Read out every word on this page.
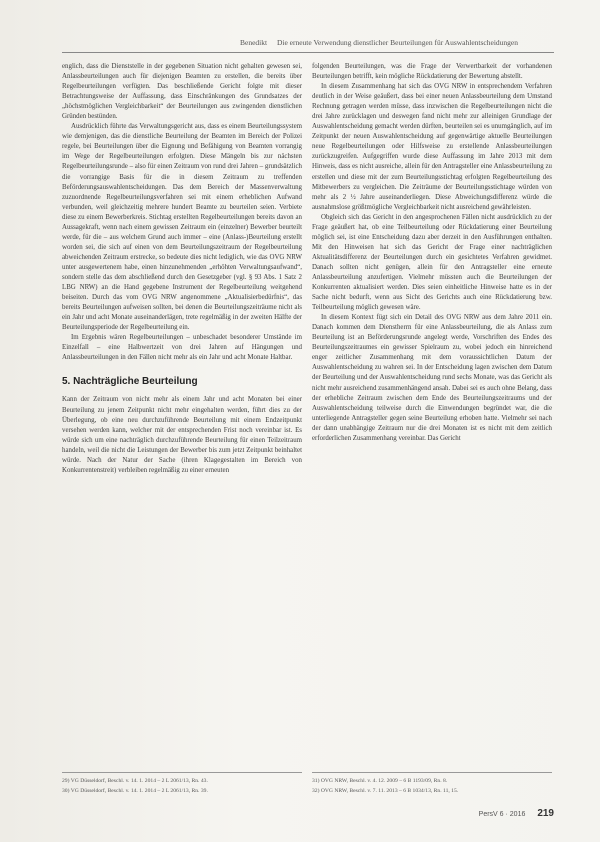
Benedikt Die erneute Verwendung dienstlicher Beurteilungen für Auswahlentscheidungen

englich, dass die Dienststelle in der gegebenen Situation nicht gehalten gewesen sei, Anlassbeurteilungen auch für diejenigen Beamten zu erstellen, die bereits über Regelbeurteilungen verfügten. Das beschließende Gericht folgte mit dieser Betrachtungsweise der Auffassung, dass Einschränkungen des Grundsatzes der „höchstmöglichen Vergleichbarkeit“ der Beurteilungen aus zwingenden dienstlichen Gründen bestünden.

Ausdrücklich führte das Verwaltungsgericht aus, dass es einem Beurteilungssystem wie demjenigen, das die dienstliche Beurteilung der Beamten im Bereich der Polizei regele, bei Beurteilungen über die Eignung und Befähigung von Beamten vorrangig im Wege der Regelbeurteilungen erfolgten. Diese Mängeln bis zur nächsten Regelbeurteilungsrunde – also für einen Zeitraum von rund drei Jahren – grundsätzlich die vorrangige Basis für die in diesem Zeitraum zu treffenden Beförderungsauswahlentscheidungen. Das dem Bereich der Massenverwaltung zuzuordnende Regelbeurteilungsverfahren sei mit einem erheblichen Aufwand verbunden, weil gleichzeitig mehrere hundert Beamte zu beurteilen seien. Verbiete diese zu einem Bewerberkreis. Stichtag erstellten Regelbeurteilungen bereits davon an Aussagekraft, wenn nach einem gewissen Zeitraum ein (einzelner) Bewerber beurteilt werde, für die – aus welchem Grund auch immer – eine (Anlass-)Beurteilung erstellt worden sei, die sich auf einen von dem Beurteilungszeitraum der Regelbeurteilung abweichenden Zeitraum erstrecke, so bedeute dies nicht lediglich, wie das OVG NRW unter ausgewertenem habe, einen hinzunehmenden „erhöhten Verwaltungsaufwand“, sondern stelle das dem abschließend durch den Gesetzgeber (vgl. § 93 Abs. 1 Satz 2 LBG NRW) an die Hand gegebene Instrument der Regelbeurteilung weitgehend beiseiten. Durch das vom OVG NRW angenommene „Aktualisierbedürfnis“, das bereits Beurteilungen aufweisen sollten, bei denen die Beurteilungszeiträume nicht als ein Jahr und acht Monate auseinanderlägen, trete regelmäßig in der zweiten Hälfte der Beurteilungsperiode der Regelbeurteilung ein.

Im Ergebnis wären Regelbeurteilungen – unbeschadet besonderer Umstände im Einzelfall – eine Halbwertzeit von drei Jahren auf Hängungen und Anlassbeurteilungen in den Fällen nicht mehr als ein Jahr und acht Monate Haltbar.

5. Nachträgliche Beurteilung

Kann der Zeitraum von nicht mehr als einem Jahr und acht Monaten bei einer Beurteilung zu jenem Zeitpunkt nicht mehr eingehalten werden, führt dies zu der Überlegung, ob eine neu durchzuführende Beurteilung mit einem Endzeitpunkt versehen werden kann, welcher mit der entsprechenden Frist noch vereinbar ist. Es würde sich um eine nachträglich durchzuführende Beurteilung für einen Teilzeitraum handeln, weil die nicht die Leistungen der Bewerber bis zum jetzt Zeitpunkt beinhaltet würde. Nach der Natur der Sache (ihren Klagegestalten im Bereich von Konkurrentenstreit) verbleiben regelmäßig zu einer erneuten

folgenden Beurteilungen, was die Frage der Verwertbarkeit der vorhandenen Beurteilungen betrifft, kein mögliche Rückdatierung der Bewertung abstellt.

In diesem Zusammenhang hat sich das OVG NRW in entsprechendem Verfahren deutlich in der Weise geäußert, dass bei einer neuen Anlassbeurteilung dem Umstand Rechnung getragen werden müsse, dass inzwischen die Regelbeurteilungen nicht die drei Jahre zurücklagen und deswegen fand nicht mehr zur alleinigen Grundlage der Auswahlentscheidung gemacht werden dürften, beurteilen sei es unumgänglich, auf im Zeitpunkt der neuen Auswahlentscheidung auf gegenwärtige aktuelle Beurteilungen neue Regelbeurteilungen oder Hilfsweise zu erstellende Anlassbeurteilungen zurückzugreifen. Aufgegriffen wurde diese Auffassung im Jahre 2013 mit dem Hinweis, dass es nicht ausreiche, allein für den Antragsteller eine Anlassbeurteilung zu erstellen und diese mit der zum Beurteilungsstichtag erfolgten Regelbeurteilung des Mitbewerbers zu vergleichen. Die Zeiträume der Beurteilungsstichtage würden von mehr als 2 ½ Jahre auseinanderliegen. Diese Abweichungsdifferenz würde die ausnahmslose größtmögliche Vergleichbarkeit nicht ausreichend gewährleisten.

Obgleich sich das Gericht in den angesprochenen Fällen nicht ausdrücklich zu der Frage geäußert hat, ob eine Teilbeurteilung oder Rückdatierung einer Beurteilung möglich sei, ist eine Entscheidung dazu aber derzeit in den Ausführungen enthalten. Mit den Hinweisen hat sich das Gericht der Frage einer nachträglichen Aktualitätsdifferenz der Beurteilungen durch ein gesichtetes Verfahren gewidmet. Danach sollten nicht genügen, allein für den Antragsteller eine erneute Anlassbeurteilung anzufertigen. Vielmehr müssten auch die Beurteilungen der Konkurrenten aktualisiert werden. Dies seien einheitliche Hinweise hatte es in der Sache nicht bedurft, wenn aus Sicht des Gerichts auch eine Rückdatierung bzw. Teilbeurteilung möglich gewesen wäre.

In diesem Kontext fügt sich ein Detail des OVG NRW aus dem Jahre 2011 ein. Danach kommen dem Dienstherrn für eine Anlassbeurteilung, die als Anlass zum Beurteilung ist an Beförderungsrunde angelegt werde, Vorschriften des Endes des Beurteilungszeitraumes ein gewisser Spielraum zu, wobei jedoch ein hinreichend enger zeitlicher Zusammenhang mit dem voraussichtlichen Datum der Auswahlentscheidung zu wahren sei. In der Entscheidung lagen zwischen dem Datum der Beurteilung und der Auswahlentscheidung rund sechs Monate, was das Gericht als nicht mehr ausreichend zusammenhängend ansah. Dabei sei es auch ohne Belang, dass der erhebliche Zeitraum zwischen dem Ende des Beurteilungszeitraums und der Auswahlentscheidung teilweise durch die Einwendungen begründet war, die die unterliegende Antragsteller gegen seine Beurteilung erhoben hatte. Vielmehr sei nach der dann unabhängige Zeitraum nur die drei Monaten ist es nicht mit dem zeitlich erforderlichen Zusammenhang vereinbar. Das Gericht

29) VG Düsseldorf, Beschl. v. 14. 1. 2014 – 2 L 2061/13, Rn. 43.
30) VG Düsseldorf, Beschl. v. 14. 1. 2014 – 2 L 2061/13, Rn. 39.
31) OVG NRW, Beschl. v. 4. 12. 2009 – 6 B 1193/09, Rn. 8.
32) OVG NRW, Beschl. v. 7. 11. 2013 – 6 B 1034/13, Rn. 11, 15.
PersV 6 · 2016 219
